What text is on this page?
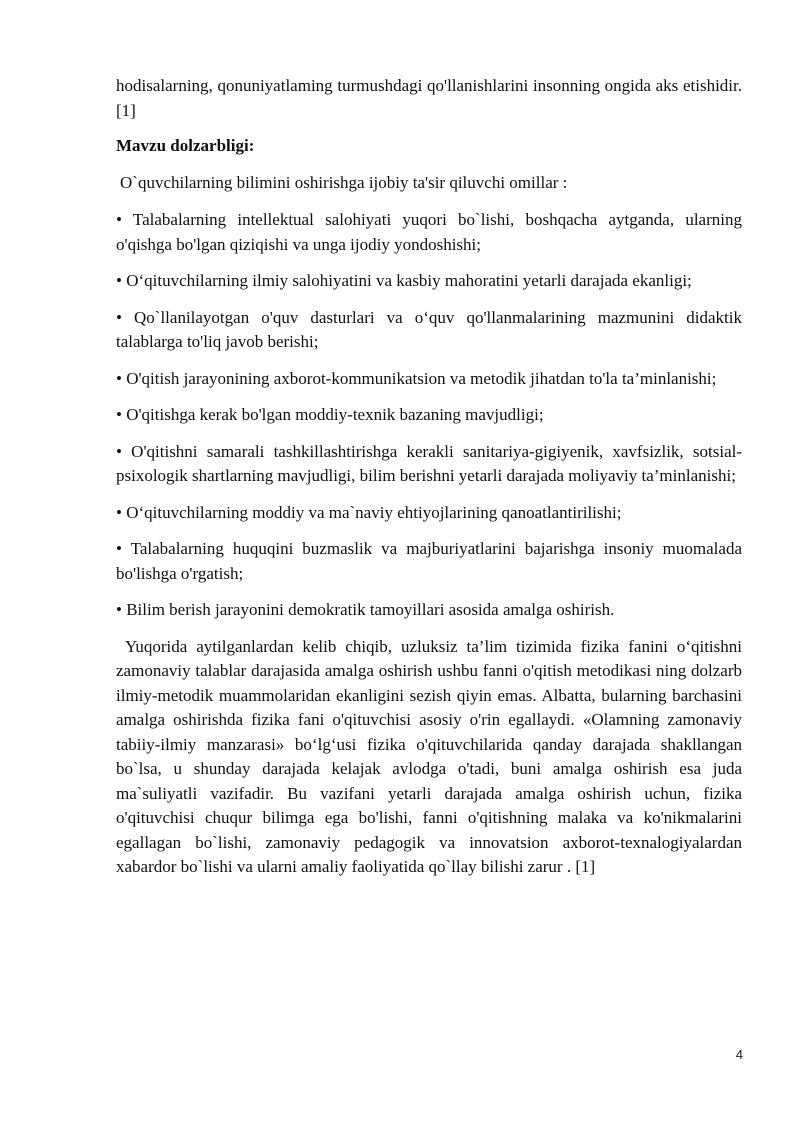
hodisalarning, qonuniyatlaming turmushdagi qo'llanishlarini insonning ongida aks etishidir.[1]

Mavzu dolzarbligi:

O`quvchilarning bilimini oshirishga ijobiy ta'sir qiluvchi omillar :

• Talabalarning intellektual salohiyati yuqori bo`lishi, boshqacha aytganda, ularning o'qishga bo'lgan qiziqishi va unga ijodiy yondoshishi;

• O‘qituvchilarning ilmiy salohiyatini va kasbiy mahoratini yetarli darajada ekanligi;

• Qo`llanilayotgan o'quv dasturlari va o‘quv qo'llanmalarining mazmunini didaktik talablarga to'liq javob berishi;

• O'qitish jarayonining axborot-kommunikatsion va metodik jihatdan to'la ta’minlanishi;

• O'qitishga kerak bo'lgan moddiy-texnik bazaning mavjudligi;

• O'qitishni samarali tashkillashtirishga kerakli sanitariya-gigiyenik, xavfsizlik, sotsial-psixologik shartlarning mavjudligi, bilim berishni yetarli darajada moliyaviy ta’minlanishi;

• O‘qituvchilarning moddiy va ma`naviy ehtiyojlarining qanoatlantirilishi;

• Talabalarning huquqini buzmaslik va majburiyatlarini bajarishga insoniy muomalada bo'lishga o'rgatish;

• Bilim berish jarayonini demokratik tamoyillari asosida amalga oshirish.

Yuqorida aytilganlardan kelib chiqib, uzluksiz ta’lim tizimida fizika fanini o‘qitishni zamonaviy talablar darajasida amalga oshirish ushbu fanni o'qitish metodikasi ning dolzarb ilmiy-metodik muammolaridan ekanligini sezish qiyin emas. Albatta, bularning barchasini amalga oshirishda fizika fani o'qituvchisi asosiy o'rin egallaydi. «Olamning zamonaviy tabiiy-ilmiy manzarasi» bo‘lg‘usi fizika o'qituvchilarida qanday darajada shakllangan bo`lsa, u shunday darajada kelajak avlodga o'tadi, buni amalga oshirish esa juda ma`suliyatli vazifadir. Bu vazifani yetarli darajada amalga oshirish uchun, fizika o'qituvchisi chuqur bilimga ega bo'lishi, fanni o'qitishning malaka va ko'nikmalarini egallagan bo`lishi, zamonaviy pedagogik va innovatsion axborot-texnalogiyalardan xabardor bo`lishi va ularni amaliy faoliyatida qo`llay bilishi zarur . [1]

4
